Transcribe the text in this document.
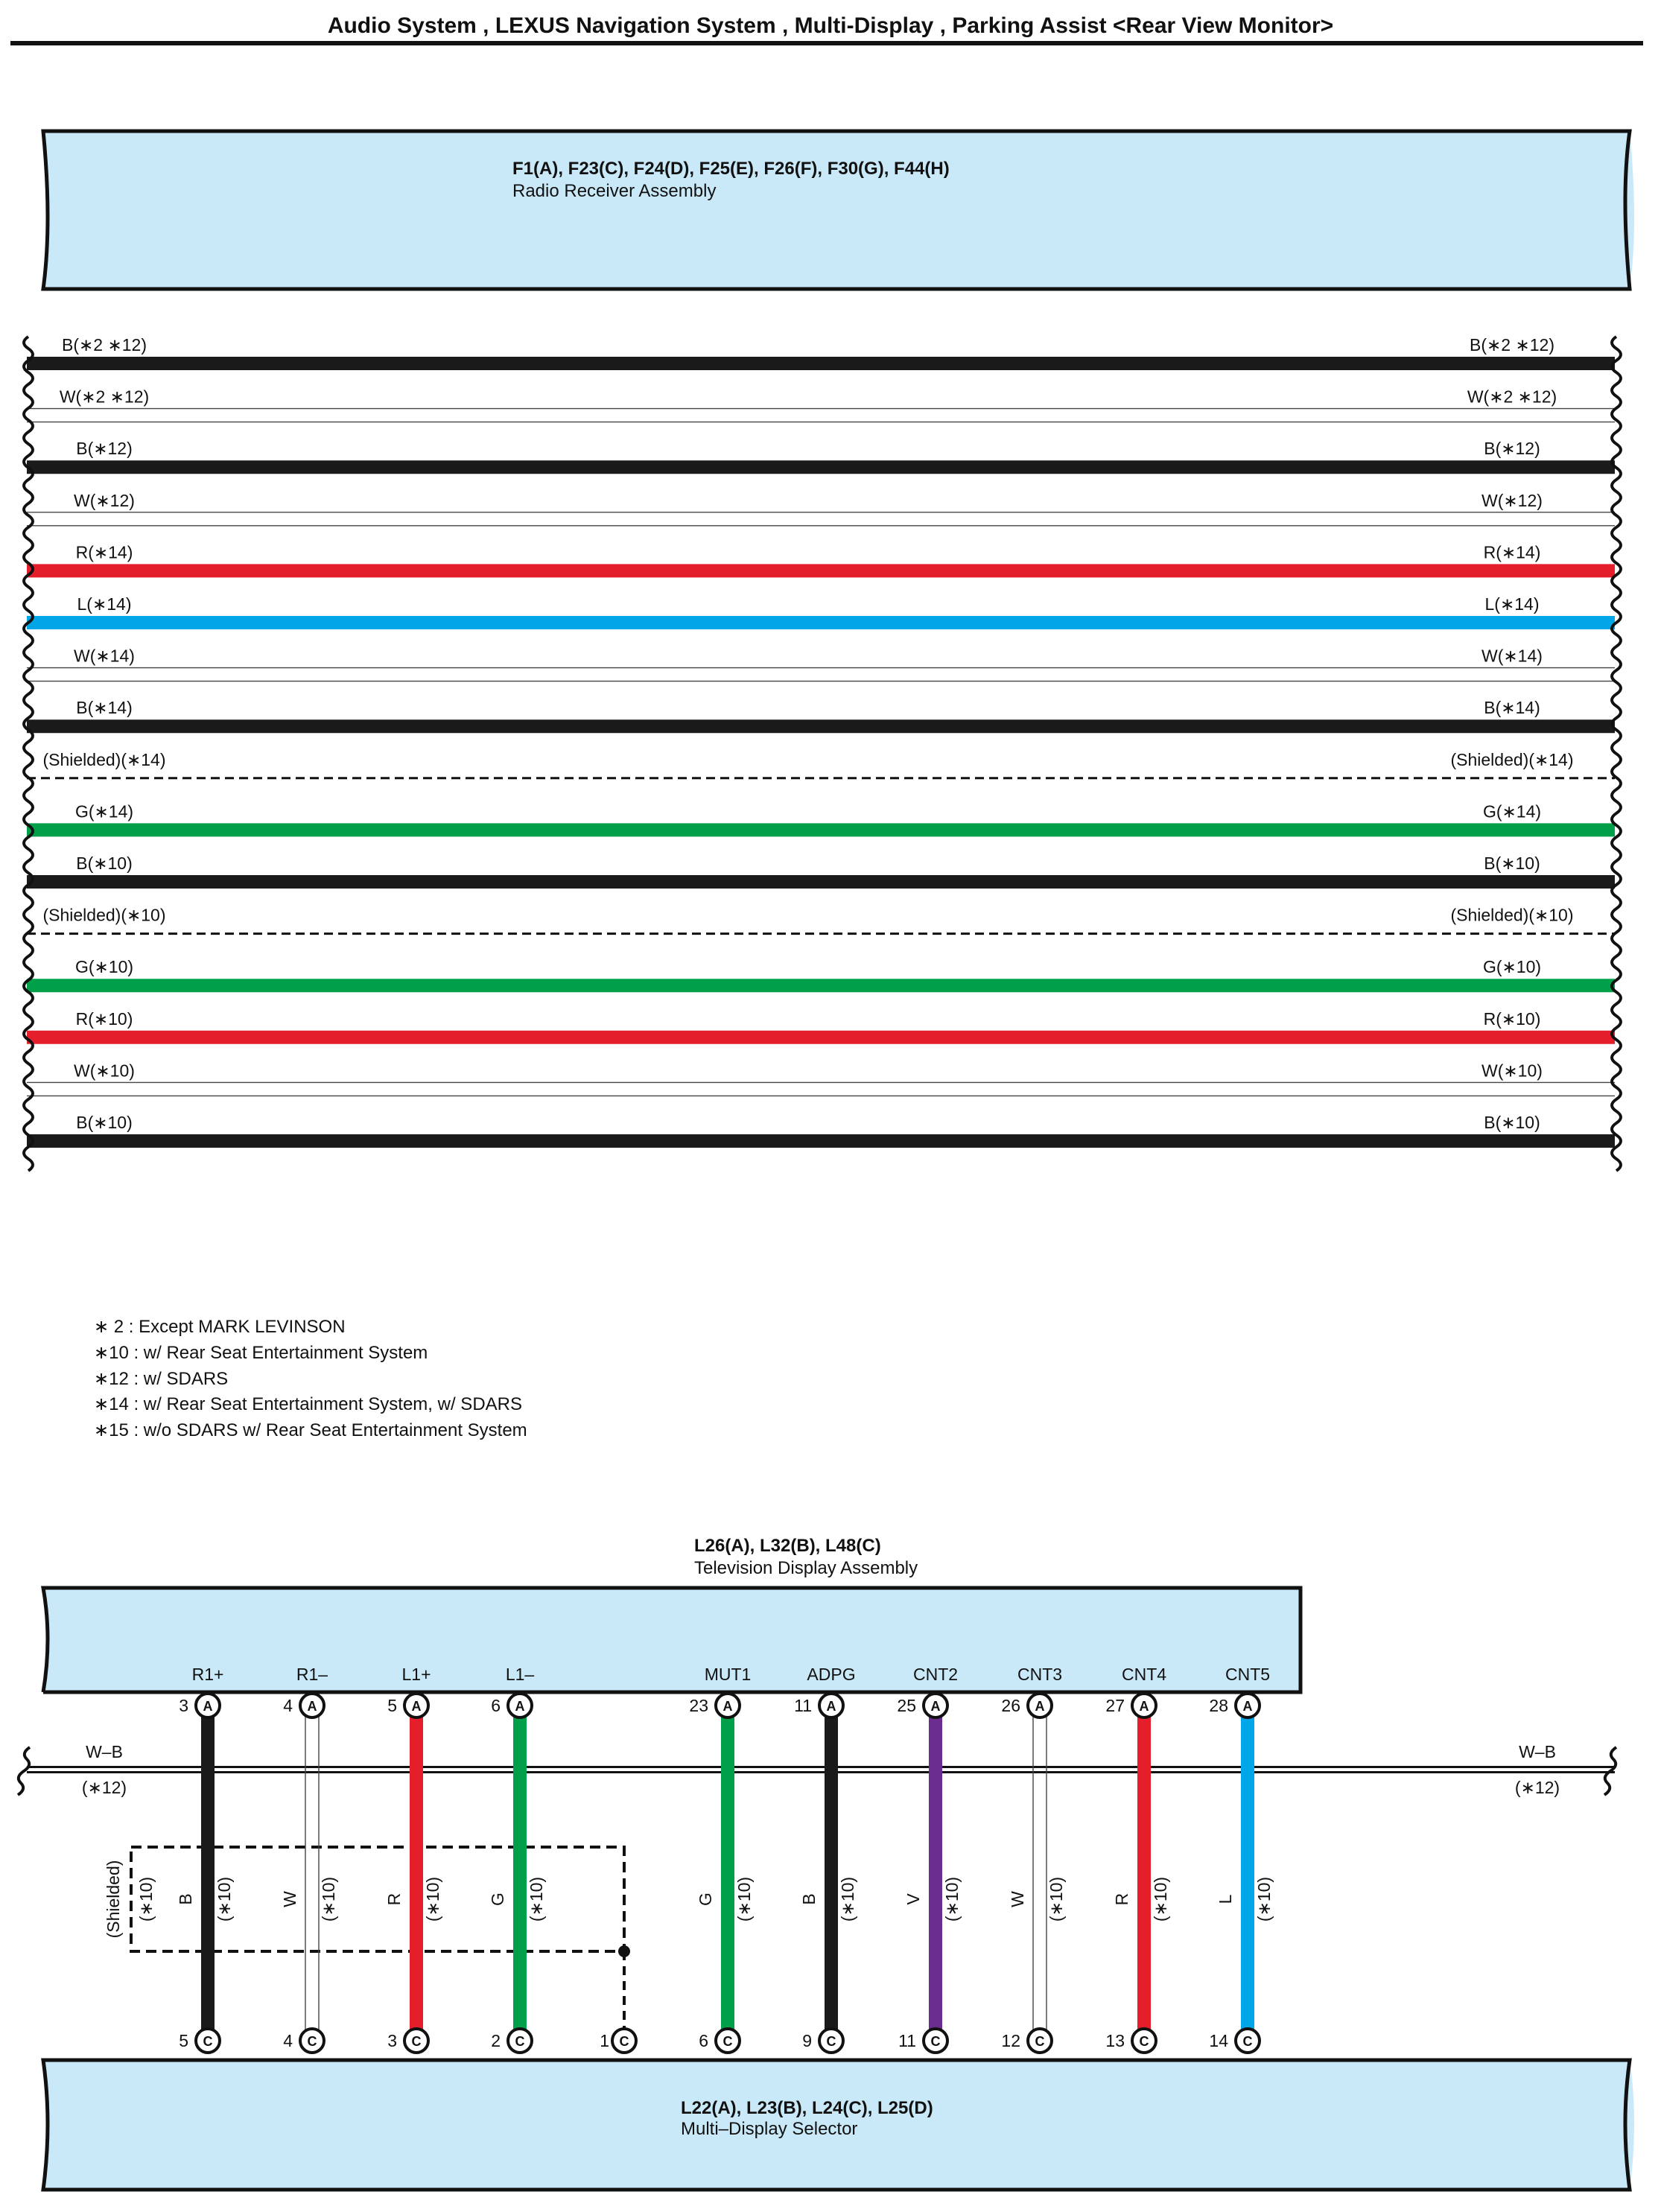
Audio System , LEXUS Navigation System , Multi-Display , Parking Assist <Rear View Monitor>
F1(A), F23(C), F24(D), F25(E), F26(F), F30(G), F44(H)
Radio Receiver Assembly
B(∗2 ∗12)	B(∗2 ∗12)
W(∗2 ∗12)	W(∗2 ∗12)
B(∗12)	B(∗12)
W(∗12)	W(∗12)
R(∗14)	R(∗14)
L(∗14)	L(∗14)
W(∗14)	W(∗14)
B(∗14)	B(∗14)
(Shielded)(∗14)	(Shielded)(∗14)
G(∗14)	G(∗14)
B(∗10)	B(∗10)
(Shielded)(∗10)	(Shielded)(∗10)
G(∗10)	G(∗10)
R(∗10)	R(∗10)
W(∗10)	W(∗10)
B(∗10)	B(∗10)
∗ 2 : Except MARK LEVINSON
∗10 : w/ Rear Seat Entertainment System
∗12 : w/ SDARS
∗14 : w/ Rear Seat Entertainment System, w/ SDARS
∗15 : w/o SDARS w/ Rear Seat Entertainment System
L26(A), L32(B), L48(C)
Television Display Assembly
W–B
(∗12)
W–B
(∗12)
(Shielded) (∗10)
R1+
3 A
B (∗10)
5 C
R1–
4 A
W (∗10)
4 C
L1+
5 A
R (∗10)
3 C
L1–
6 A
G (∗10)
2 C
MUT1
23 A
G (∗10)
6 C
ADPG
11 A
B (∗10)
9 C
CNT2
25 A
V (∗10)
11 C
CNT3
26 A
W (∗10)
12 C
CNT4
27 A
R (∗10)
13 C
CNT5
28 A
L (∗10)
14 C
1 C
L22(A), L23(B), L24(C), L25(D)
Multi–Display Selector
